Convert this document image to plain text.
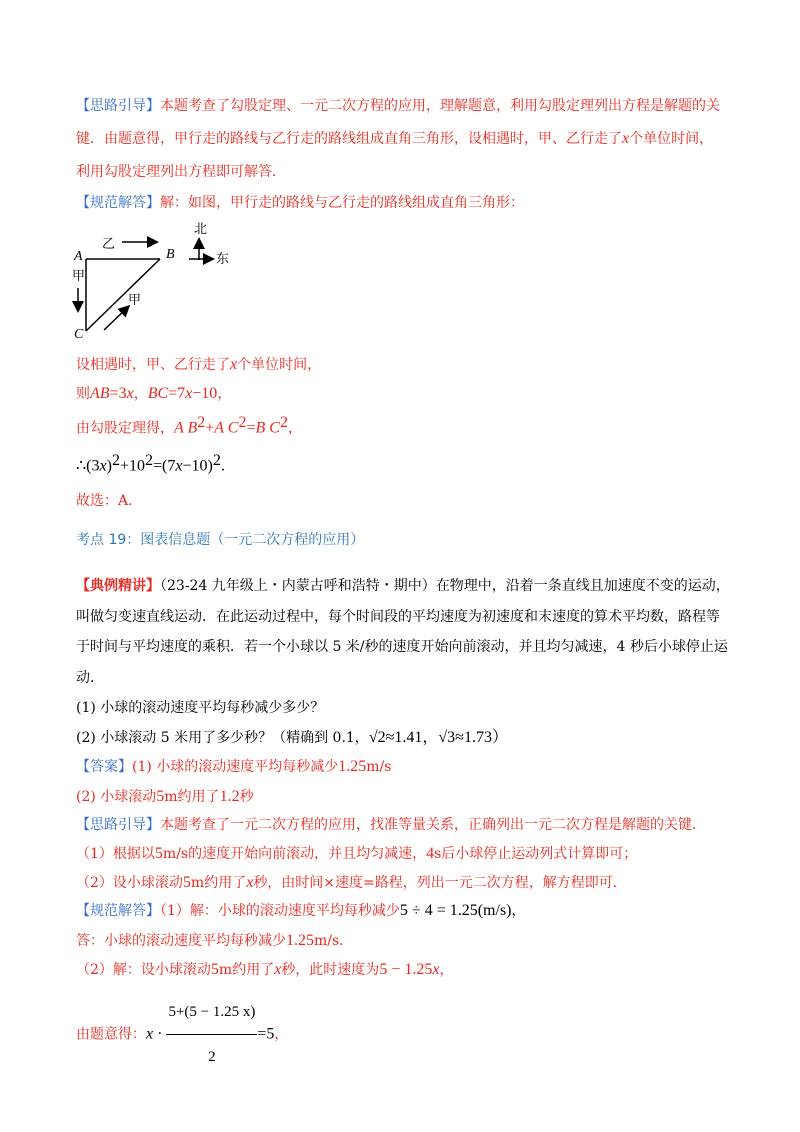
【思路引导】本题考查了勾股定理、一元二次方程的应用，理解题意，利用勾股定理列出方程是解题的关
键．由题意得，甲行走的路线与乙行走的路线组成直角三角形，设相遇时，甲、乙行走了x个单位时间，
利用勾股定理列出方程即可解答．
【规范解答】解：如图，甲行走的路线与乙行走的路线组成直角三角形：
北
东
A	B
C
乙
甲
甲
设相遇时，甲、乙行走了x个单位时间，
则AB=3x，BC=7x−10，
由勾股定理得，A $B^2+A$ $C^2=B$ $C^2$，
$\therefore(3x)^2+10^2=(7x-10)^2$．
故选：A．
考点 19：图表信息题（一元二次方程的应用）
【典例精讲】（23-24 九年级上・内蒙古呼和浩特・期中）在物理中，沿着一条直线且加速度不变的运动，
叫做匀变速直线运动．在此运动过程中，每个时间段的平均速度为初速度和末速度的算术平均数，路程等
于时间与平均速度的乘积．若一个小球以 5 米/秒的速度开始向前滚动，并且均匀减速，4 秒后小球停止运
动．
(1) 小球的滚动速度平均每秒减少多少？
(2) 小球滚动 5 米用了多少秒？（精确到 0.1，√2≈1.41，√3≈1.73）
【答案】(1) 小球的滚动速度平均每秒减少1.25m/s
(2) 小球滚动5m约用了1.2秒
【思路引导】本题考查了一元二次方程的应用，找准等量关系，正确列出一元二次方程是解题的关键．
（1）根据以5m/s的速度开始向前滚动，并且均匀减速，4s后小球停止运动列式计算即可；
（2）设小球滚动5m约用了x秒，由时间×速度=路程，列出一元二次方程，解方程即可．
【规范解答】（1）解：小球的滚动速度平均每秒减少5 ÷ 4 = 1.25(m/s)，
答：小球的滚动速度平均每秒减少1.25m/s．
（2）解：设小球滚动5m约用了x秒，此时速度为5 − 1.25x，
由题意得：$x \cdot \frac{5+(5 - 1.25 x)}{2} =5$，
